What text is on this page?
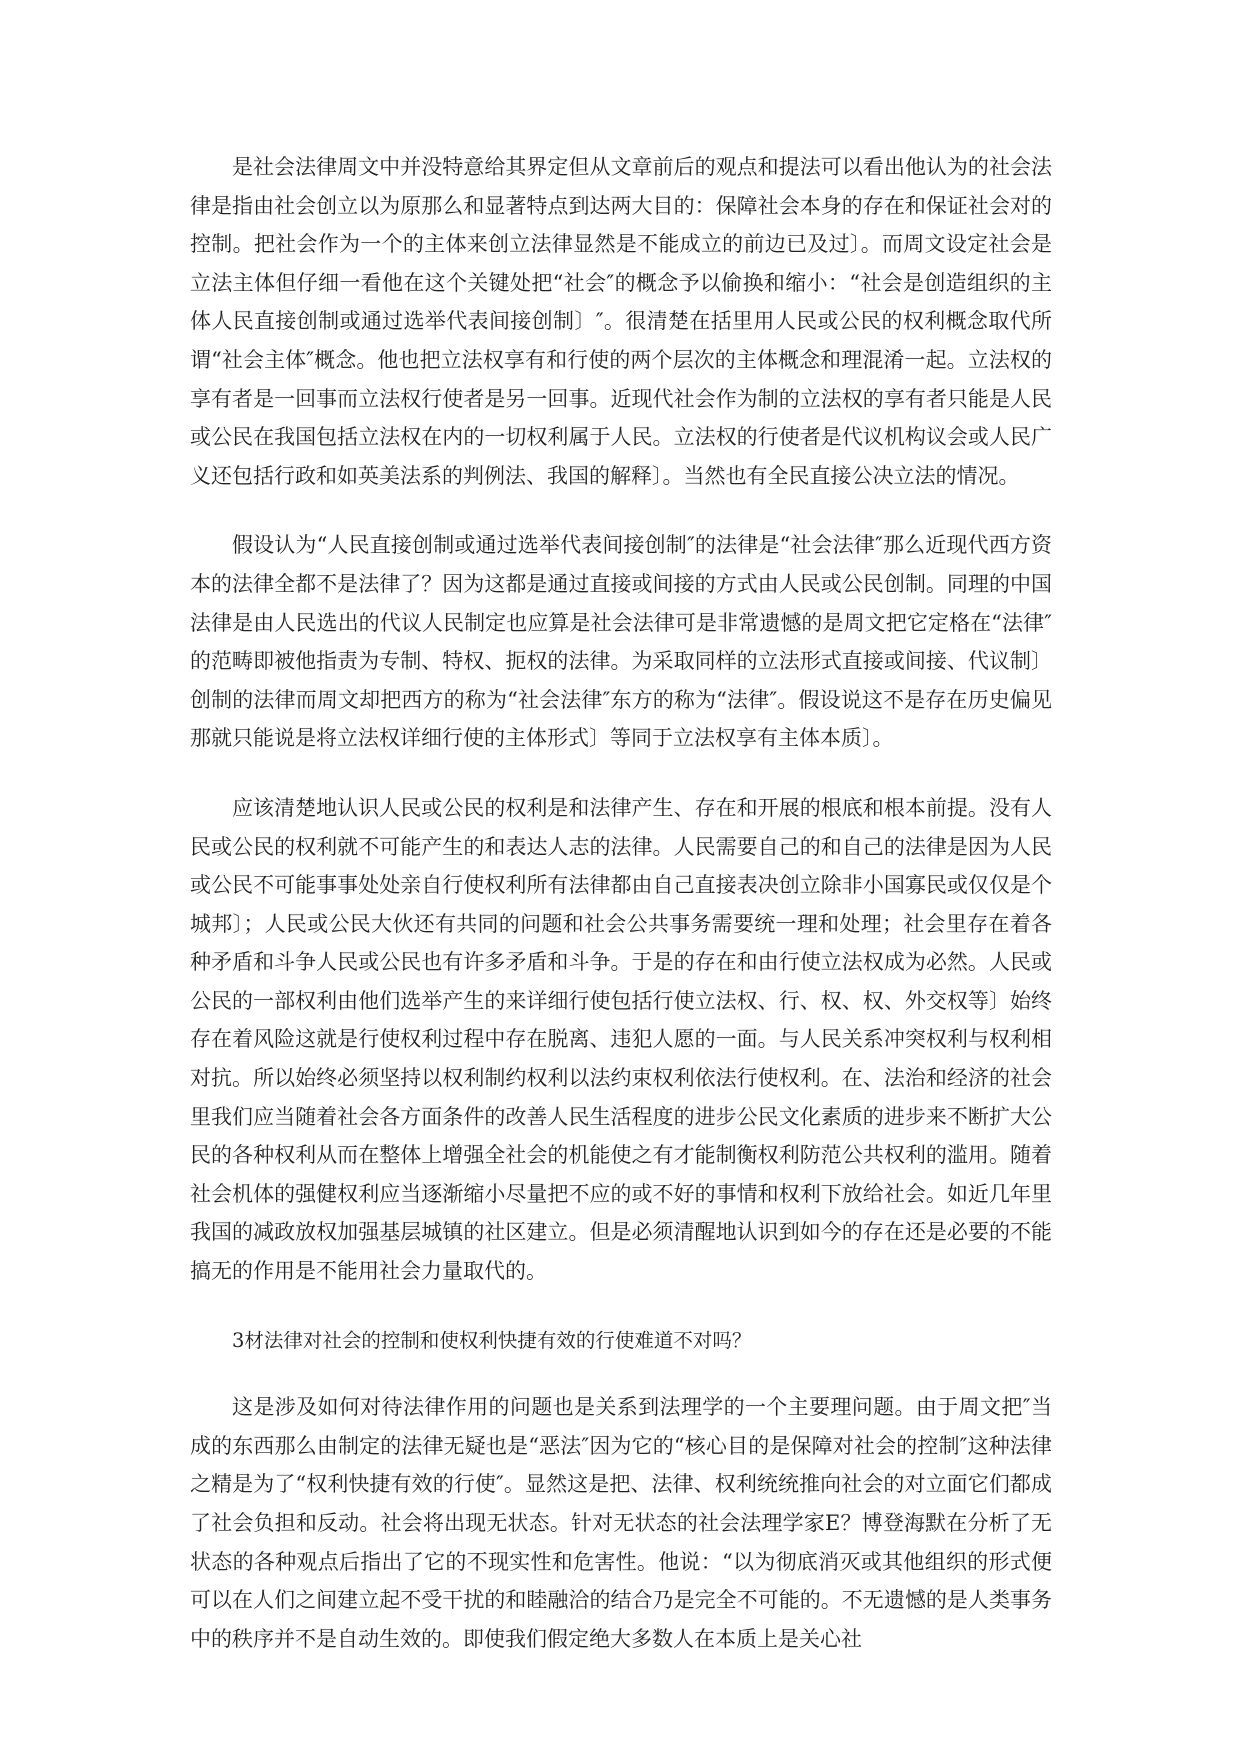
是社会法律周文中并没特意给其界定但从文章前后的观点和提法可以看出他认为的社会法律是指由社会创立以为原那么和显著特点到达两大目的：保障社会本身的存在和保证社会对的控制。把社会作为一个的主体来创立法律显然是不能成立的前边已及过〕。而周文设定社会是立法主体但仔细一看他在这个关键处把“社会″的概念予以偷换和缩小：“社会是创造组织的主体人民直接创制或通过选举代表间接创制〕″。很清楚在括里用人民或公民的权利概念取代所谓“社会主体″概念。他也把立法权享有和行使的两个层次的主体概念和理混淆一起。立法权的享有者是一回事而立法权行使者是另一回事。近现代社会作为制的立法权的享有者只能是人民或公民在我国包括立法权在内的一切权利属于人民。立法权的行使者是代议机构议会或人民广义还包括行政和如英美法系的判例法、我国的解释〕。当然也有全民直接公决立法的情况。

假设认为“人民直接创制或通过选举代表间接创制″的法律是“社会法律″那么近现代西方资本的法律全都不是法律了？因为这都是通过直接或间接的方式由人民或公民创制。同理的中国法律是由人民选出的代议人民制定也应算是社会法律可是非常遗憾的是周文把它定格在“法律″的范畴即被他指责为专制、特权、扼权的法律。为采取同样的立法形式直接或间接、代议制〕创制的法律而周文却把西方的称为“社会法律″东方的称为“法律″。假设说这不是存在历史偏见那就只能说是将立法权详细行使的主体形式〕等同于立法权享有主体本质〕。

应该清楚地认识人民或公民的权利是和法律产生、存在和开展的根底和根本前提。没有人民或公民的权利就不可能产生的和表达人志的法律。人民需要自己的和自己的法律是因为人民或公民不可能事事处处亲自行使权利所有法律都由自己直接表决创立除非小国寡民或仅仅是个城邦〕；人民或公民大伙还有共同的问题和社会公共事务需要统一理和处理；社会里存在着各种矛盾和斗争人民或公民也有许多矛盾和斗争。于是的存在和由行使立法权成为必然。人民或公民的一部权利由他们选举产生的来详细行使包括行使立法权、行、权、权、外交权等〕始终存在着风险这就是行使权利过程中存在脱离、违犯人愿的一面。与人民关系冲突权利与权利相对抗。所以始终必须坚持以权利制约权利以法约束权利依法行使权利。在、法治和经济的社会里我们应当随着社会各方面条件的改善人民生活程度的进步公民文化素质的进步来不断扩大公民的各种权利从而在整体上增强全社会的机能使之有才能制衡权利防范公共权利的滥用。随着社会机体的强健权利应当逐渐缩小尽量把不应的或不好的事情和权利下放给社会。如近几年里我国的减政放权加强基层城镇的社区建立。但是必须清醒地认识到如今的存在还是必要的不能搞无的作用是不能用社会力量取代的。

3材法律对社会的控制和使权利快捷有效的行使难道不对吗？

这是涉及如何对待法律作用的问题也是关系到法理学的一个主要理问题。由于周文把″当成的东西那么由制定的法律无疑也是“恶法″因为它的“核心目的是保障对社会的控制″这种法律之精是为了“权利快捷有效的行使″。显然这是把、法律、权利统统推向社会的对立面它们都成了社会负担和反动。社会将出现无状态。针对无状态的社会法理学家E？博登海默在分析了无状态的各种观点后指出了它的不现实性和危害性。他说：“以为彻底消灭或其他组织的形式便可以在人们之间建立起不受干扰的和睦融洽的结合乃是完全不可能的。不无遗憾的是人类事务中的秩序并不是自动生效的。即使我们假定绝大多数人在本质上是关心社
